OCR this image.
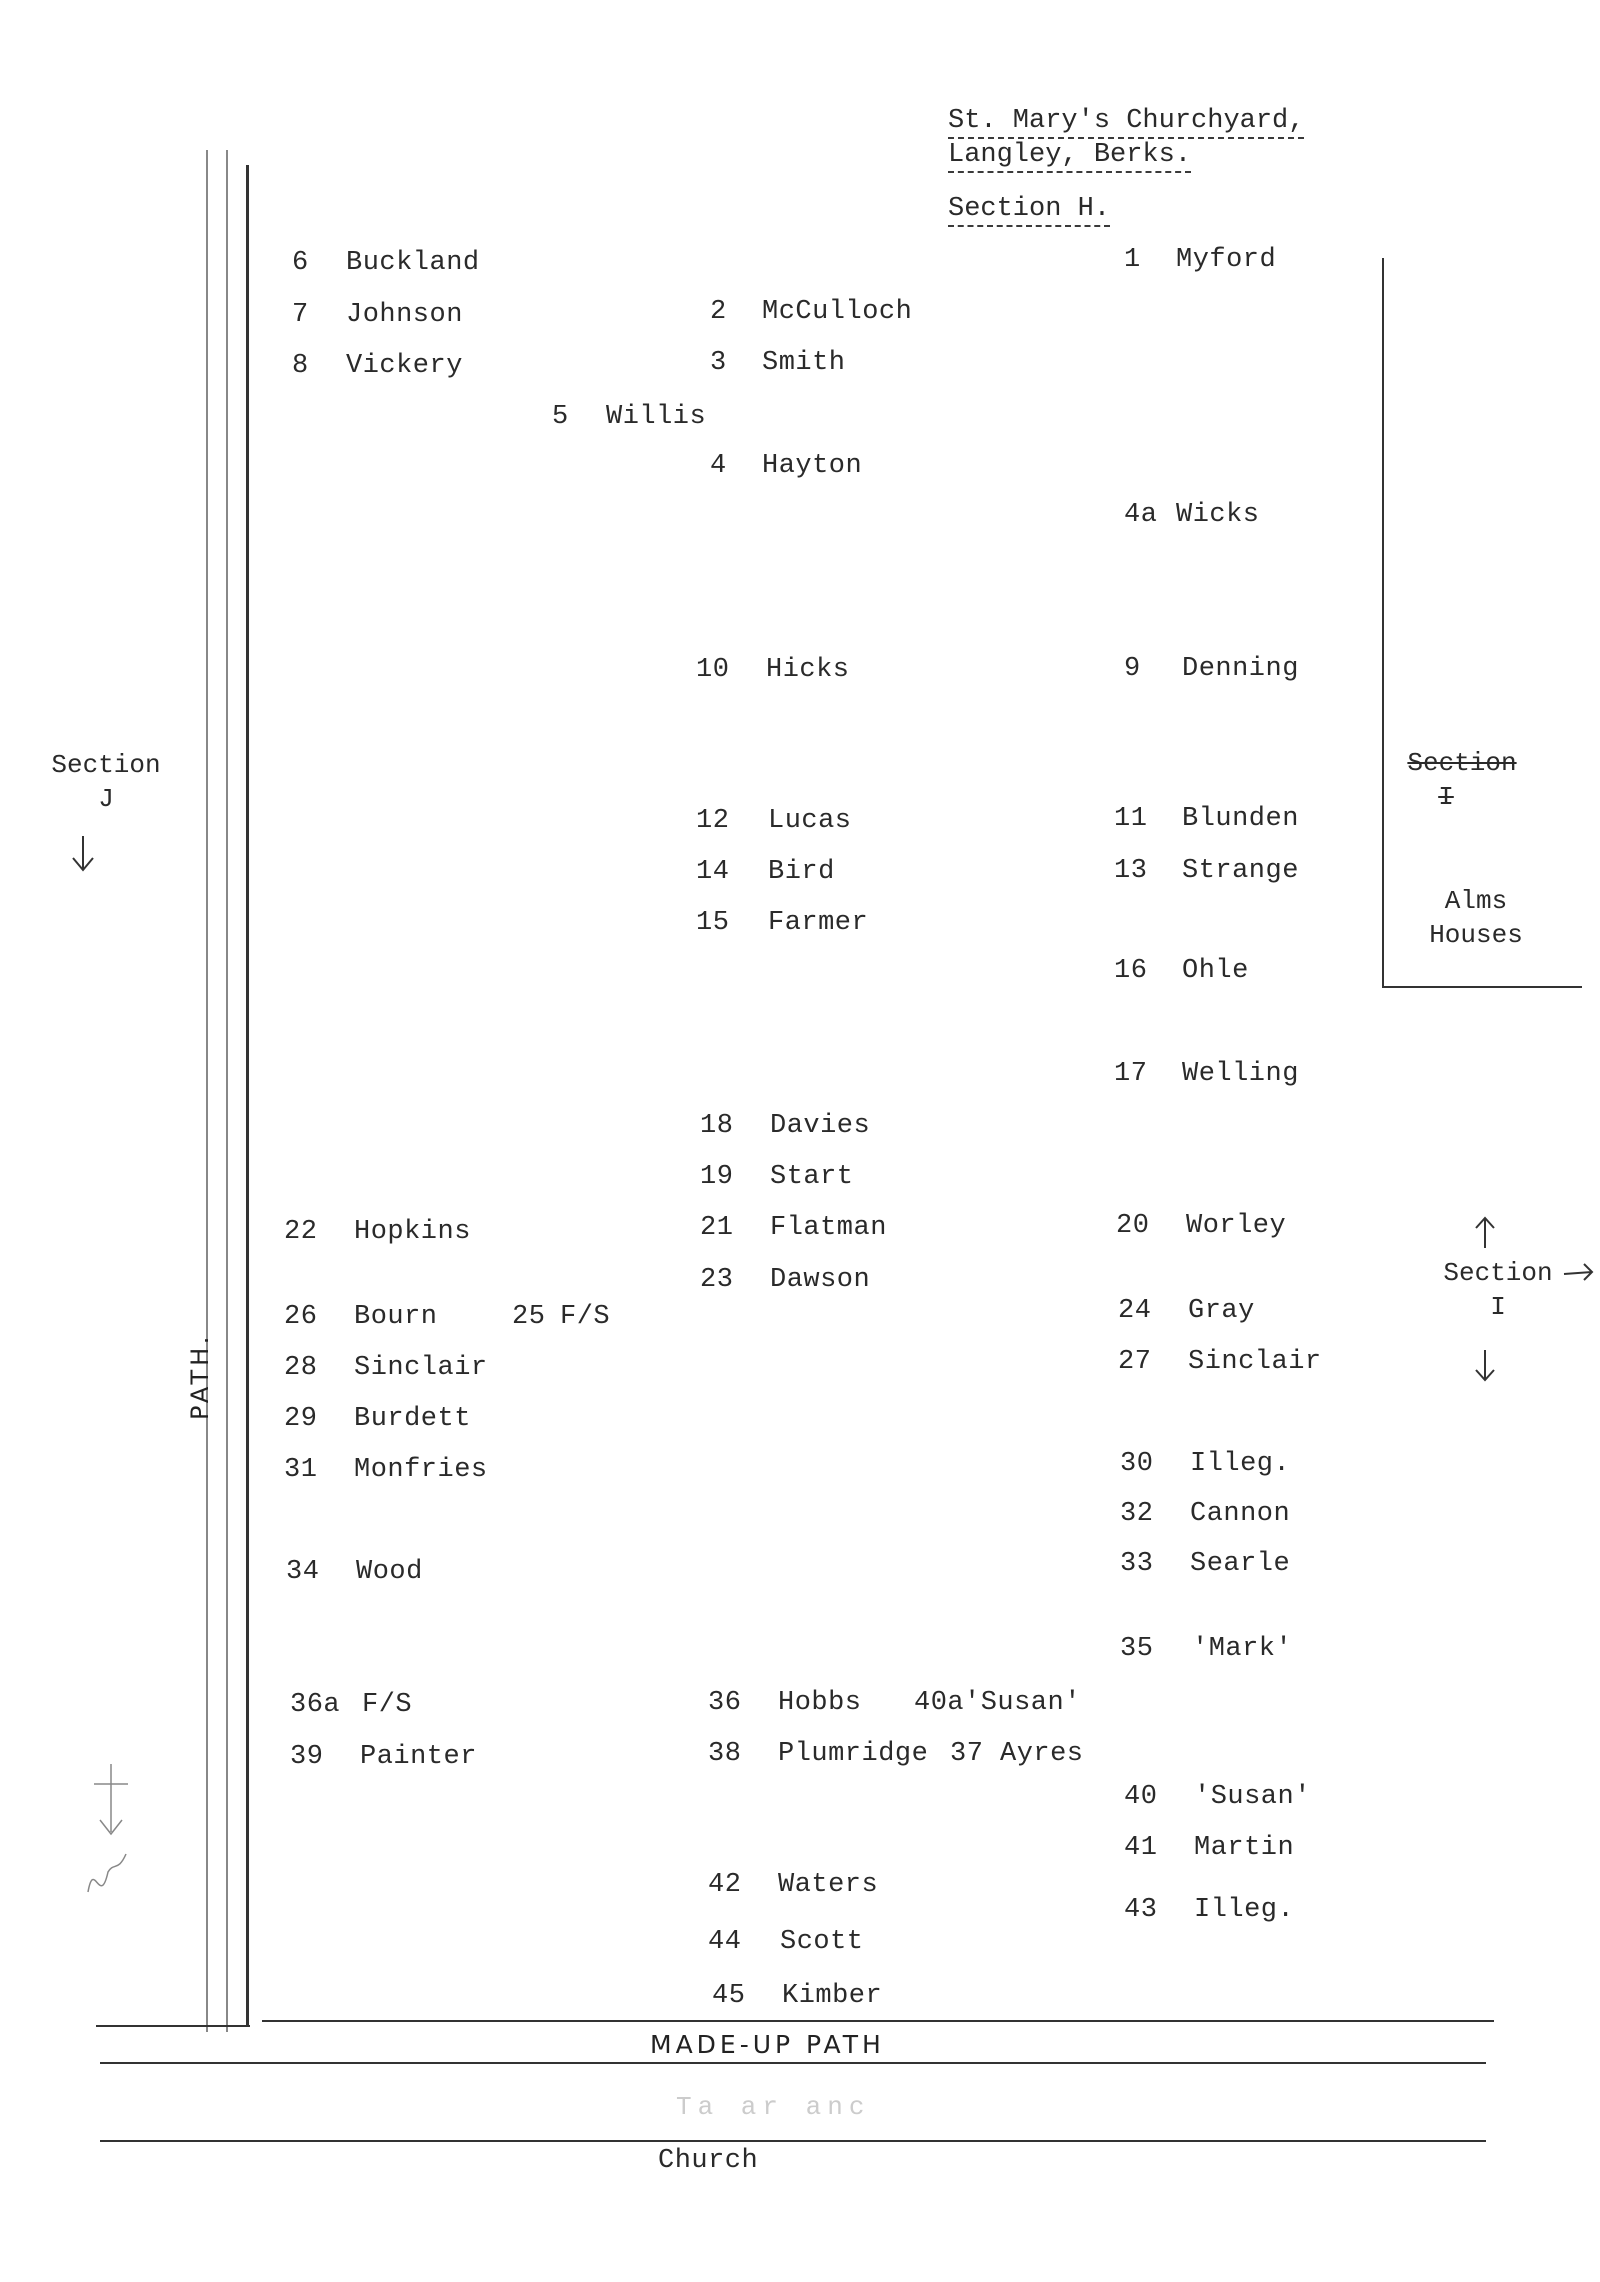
St. Mary's Churchyard,
Langley, Berks.
Section H.
6 Buckland
7 Johnson
8 Vickery
5 Willis
2 McCulloch
3 Smith
4 Hayton
1 Myford
4a Wicks
10 Hicks	9 Denning
12 Lucas
14 Bird
15 Farmer
11 Blunden
13 Strange
16 Ohle
17 Welling
18 Davies
19 Start
21 Flatman
23 Dawson
20 Worley
22 Hopkins
26 Bourn	25 F/S
28 Sinclair
29 Burdett
31 Monfries
34 Wood
24 Gray
27 Sinclair
30 Illeg.
32 Cannon
33 Searle
35 'Mark'
36a F/S
39 Painter
36 Hobbs 40a'Susan'
38 Plumridge 37 Ayres
40 'Susan'
41 Martin
43 Illeg.
42 Waters
44 Scott
45 Kimber
Section
J
Section
I
Alms
Houses
Section
I
PATH.
MADE-UP PATH
Ta ar anc
Church
